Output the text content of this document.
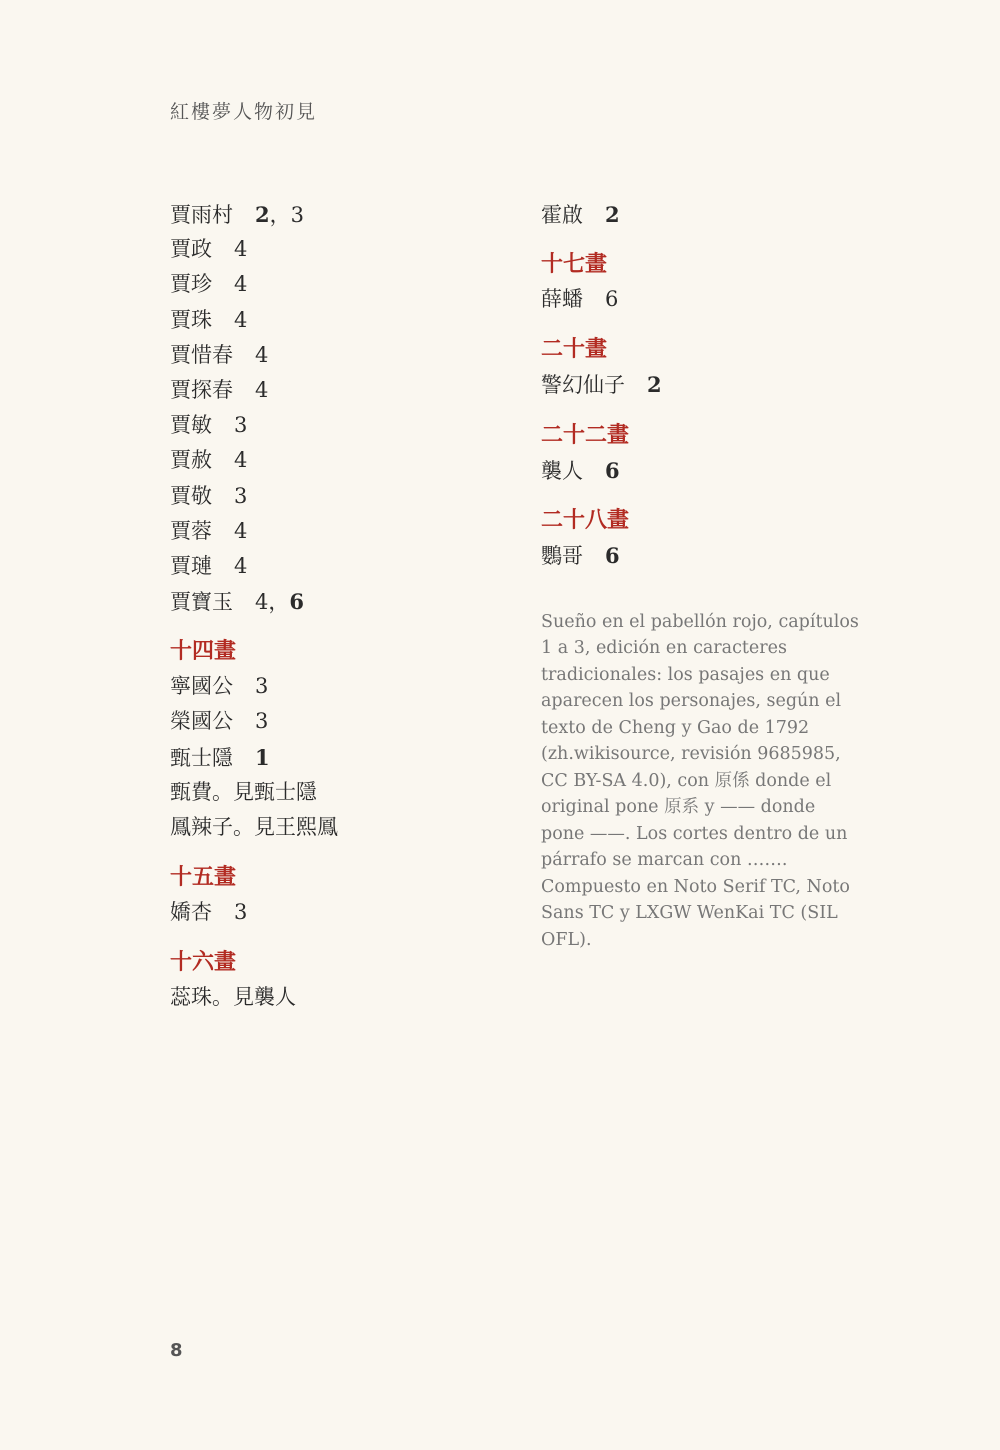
紅樓夢人物初見
賈雨村 2，3
賈政 4
賈珍 4
賈珠 4
賈惜春 4
賈探春 4
賈敏 3
賈赦 4
賈敬 3
賈蓉 4
賈璉 4
賈寶玉 4，6
十四畫
寧國公 3
榮國公 3
甄士隱 1
甄費。見甄士隱
鳳辣子。見王熙鳳
十五畫
嬌杏 3
十六畫
蕊珠。見襲人
霍啟 2
十七畫
薛蟠 6
二十畫
警幻仙子 2
二十二畫
襲人 6
二十八畫
鸚哥 6
Sueño en el pabellón rojo, capítulos 1 a 3, edición en caracteres tradicionales: los pasajes en que aparecen los personajes, según el texto de Cheng y Gao de 1792 (zh.wikisource, revisión 9685985, CC BY-SA 4.0), con 原係 donde el original pone 原系 y —— donde pone ——. Los cortes dentro de un párrafo se marcan con ……. Compuesto en Noto Serif TC, Noto Sans TC y LXGW WenKai TC (SIL OFL).
8
